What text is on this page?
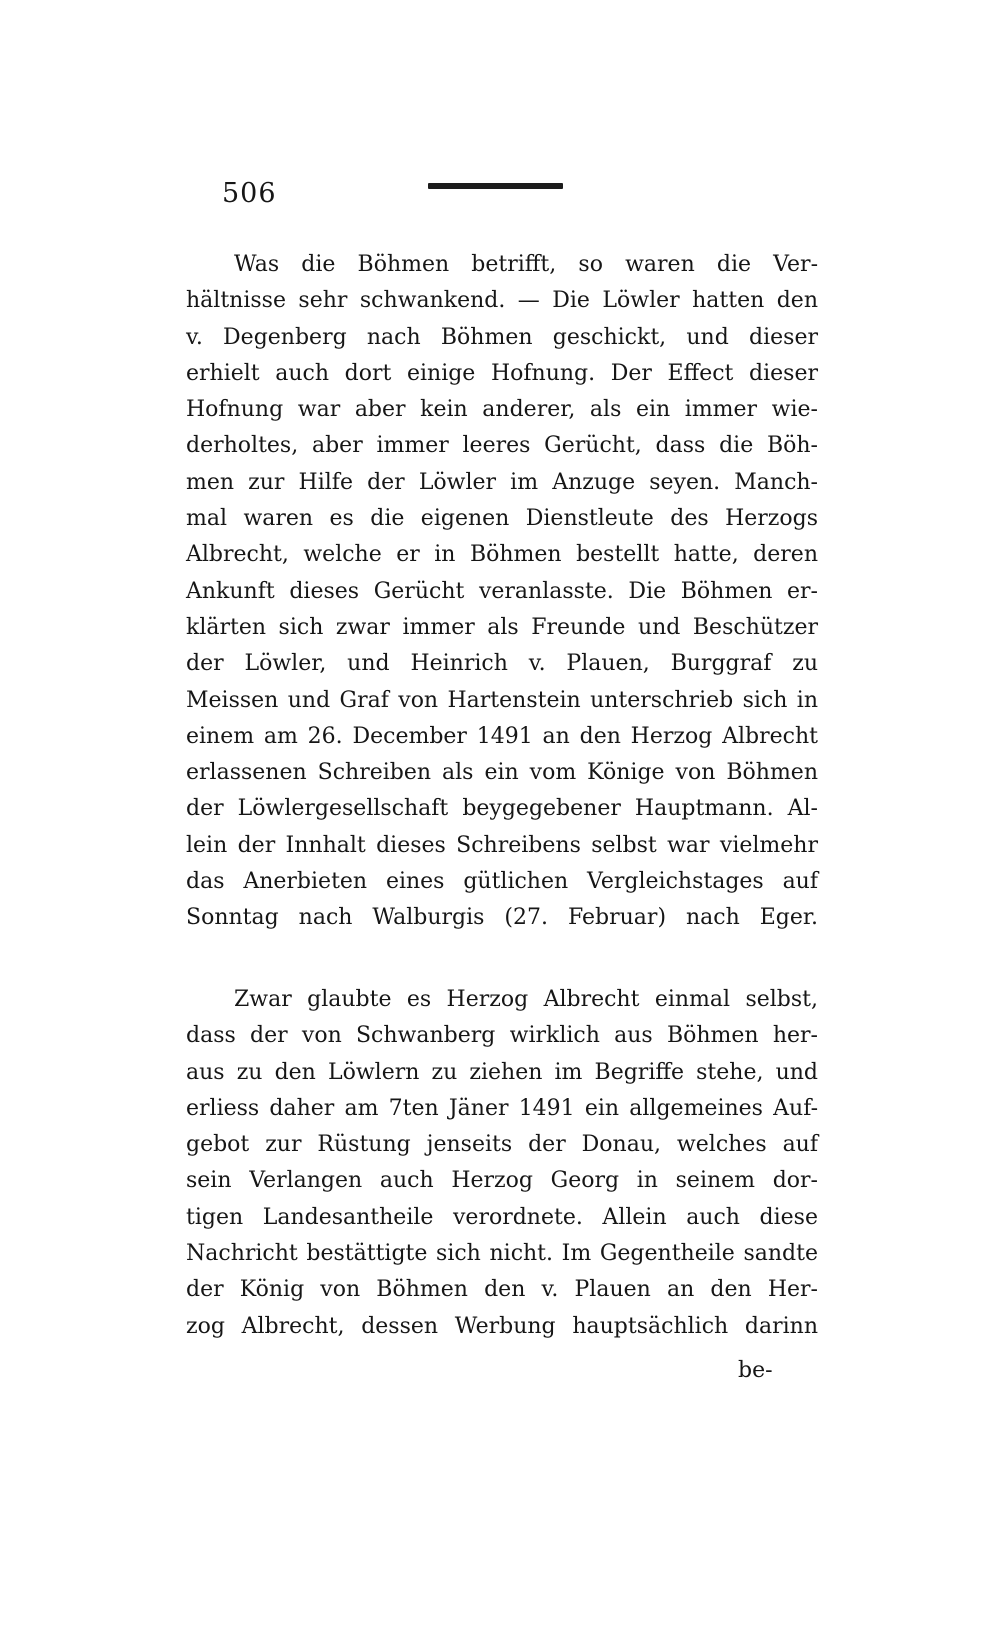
506
Was die Böhmen betrifft, so waren die Ver-
hältnisse sehr schwankend. — Die Löwler hatten den
v. Degenberg nach Böhmen geschickt, und dieser
erhielt auch dort einige Hofnung. Der Effect dieser
Hofnung war aber kein anderer, als ein immer wie-
derholtes, aber immer leeres Gerücht, dass die Böh-
men zur Hilfe der Löwler im Anzuge seyen. Manch-
mal waren es die eigenen Dienstleute des Herzogs
Albrecht, welche er in Böhmen bestellt hatte, deren
Ankunft dieses Gerücht veranlasste. Die Böhmen er-
klärten sich zwar immer als Freunde und Beschützer
der Löwler, und Heinrich v. Plauen, Burggraf zu
Meissen und Graf von Hartenstein unterschrieb sich in
einem am 26. December 1491 an den Herzog Albrecht
erlassenen Schreiben als ein vom Könige von Böhmen
der Löwlergesellschaft beygegebener Hauptmann. Al-
lein der Innhalt dieses Schreibens selbst war vielmehr
das Anerbieten eines gütlichen Vergleichstages auf
Sonntag nach Walburgis (27. Februar) nach Eger.
Zwar glaubte es Herzog Albrecht einmal selbst,
dass der von Schwanberg wirklich aus Böhmen her-
aus zu den Löwlern zu ziehen im Begriffe stehe, und
erliess daher am 7ten Jäner 1491 ein allgemeines Auf-
gebot zur Rüstung jenseits der Donau, welches auf
sein Verlangen auch Herzog Georg in seinem dor-
tigen Landesantheile verordnete. Allein auch diese
Nachricht bestättigte sich nicht. Im Gegentheile sandte
der König von Böhmen den v. Plauen an den Her-
zog Albrecht, dessen Werbung hauptsächlich darinn
be-
